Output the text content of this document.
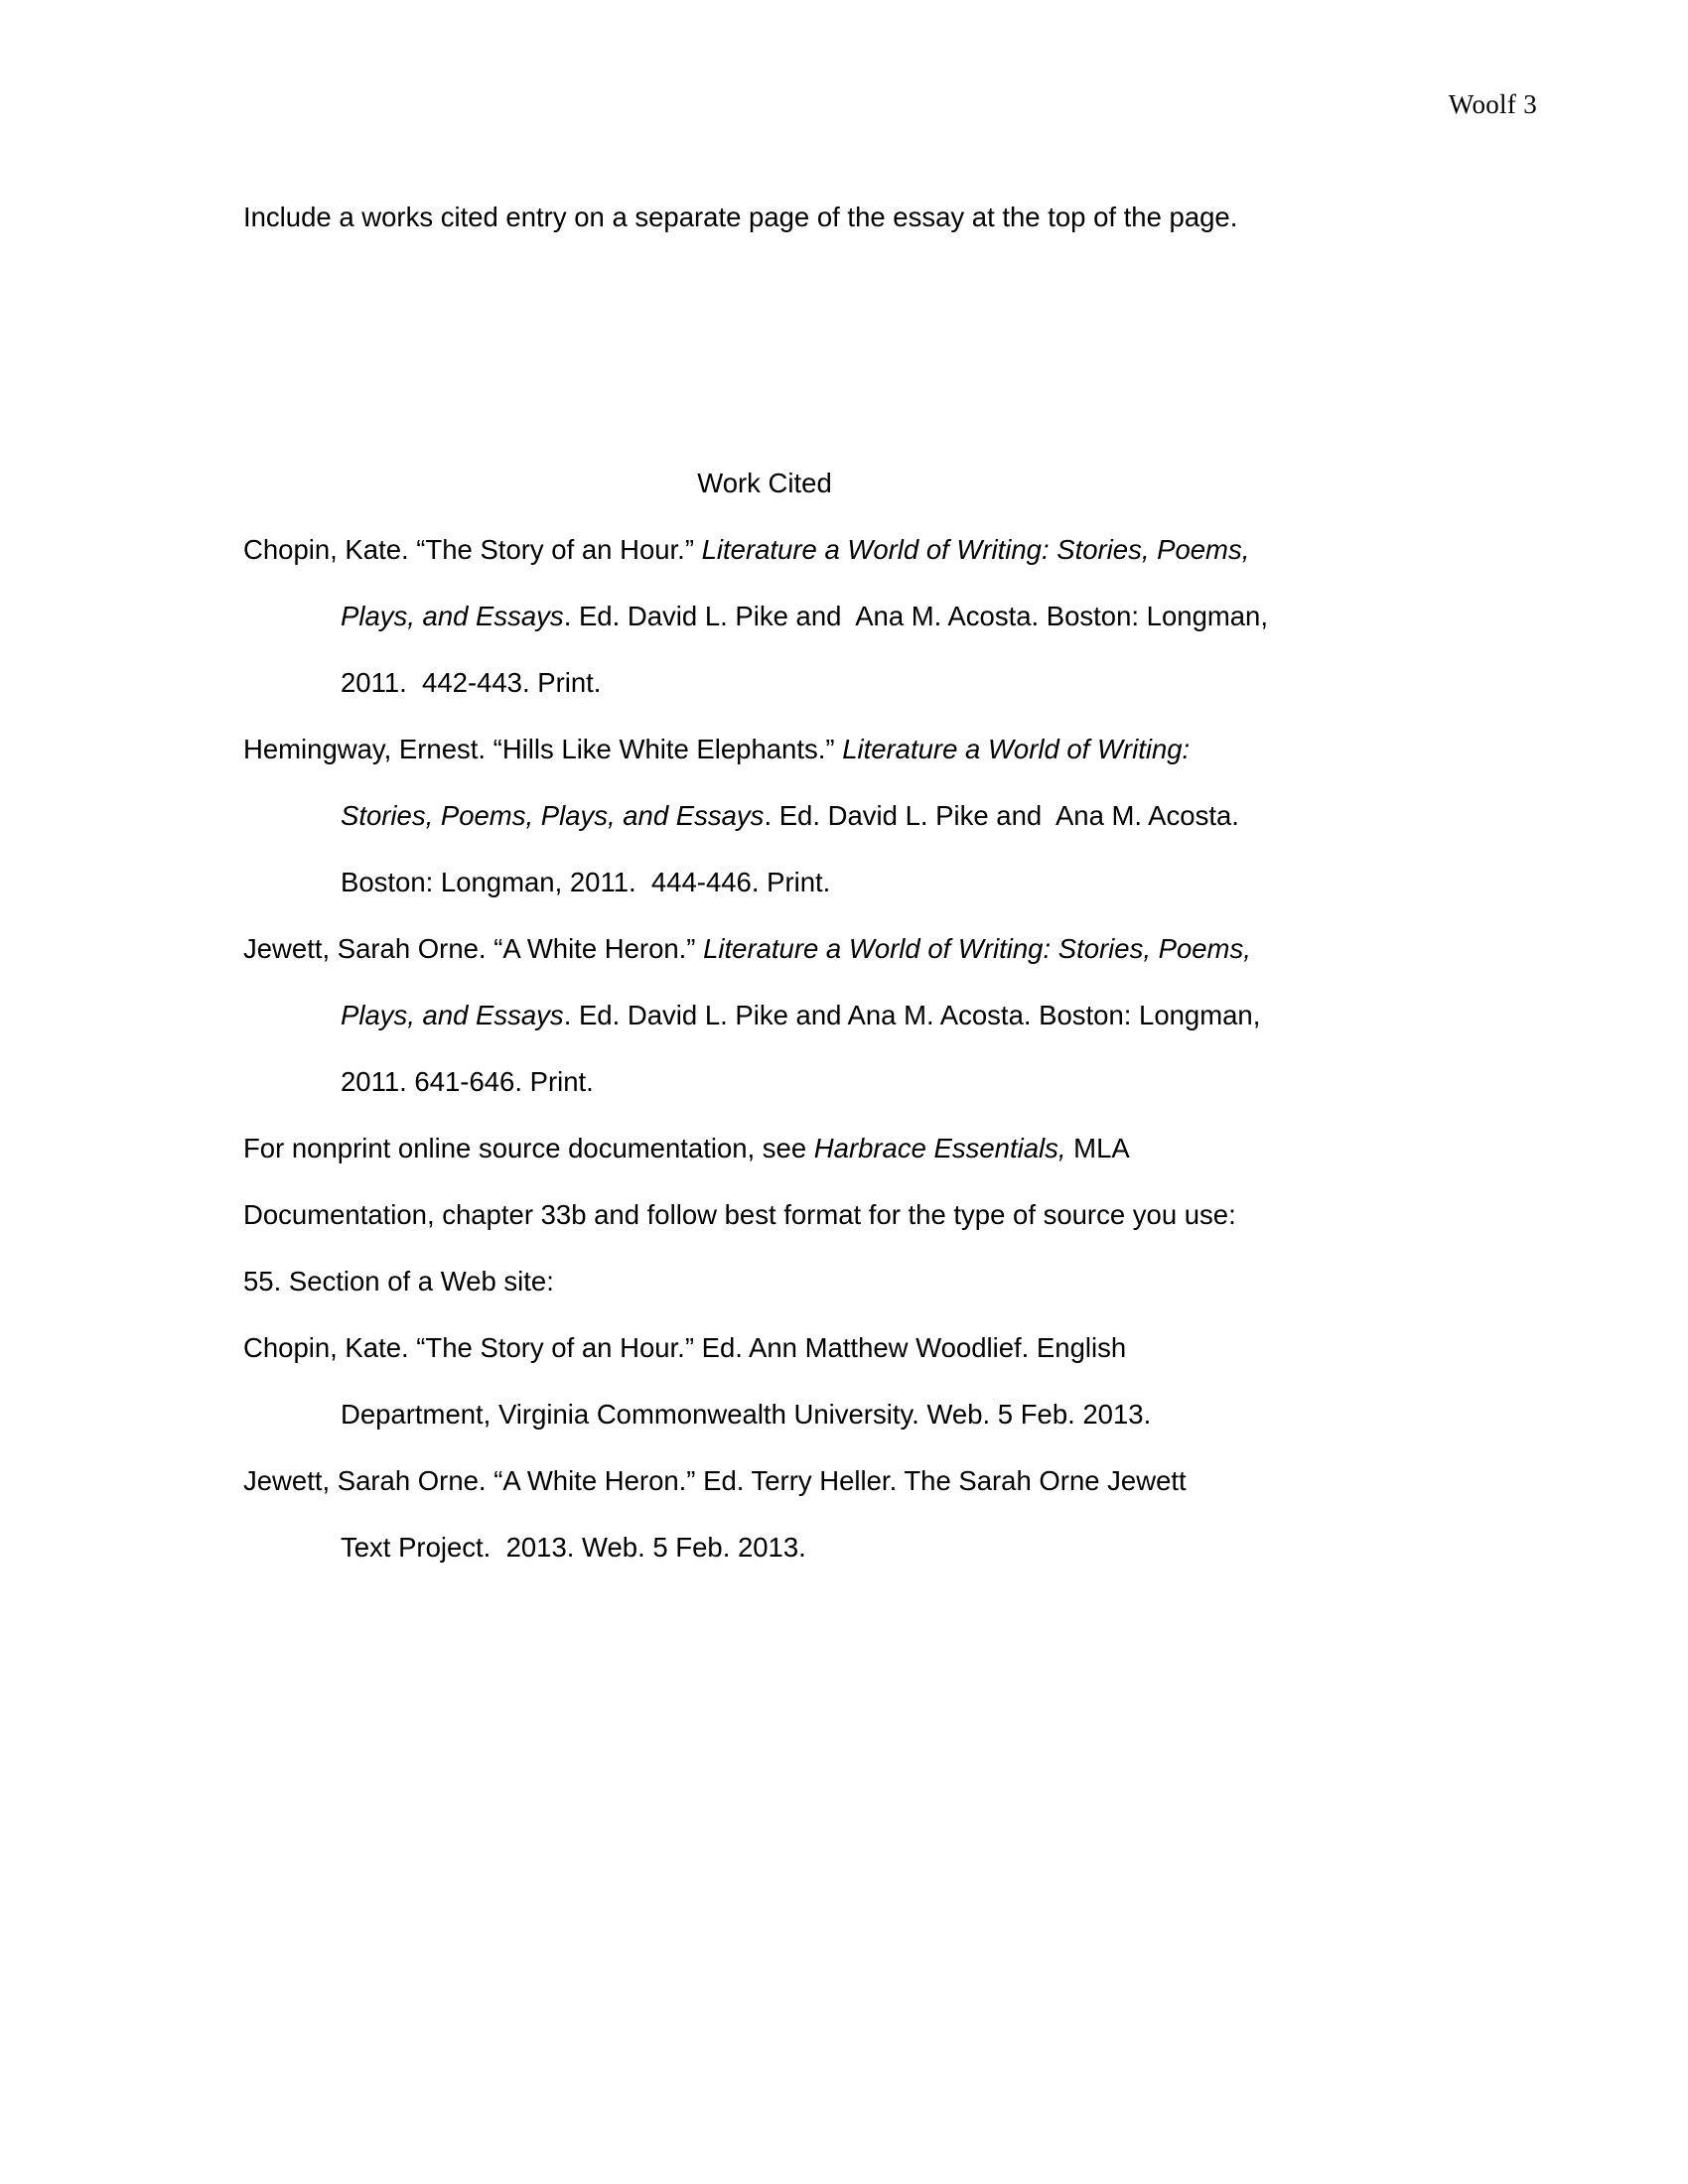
Woolf 3
Include a works cited entry on a separate page of the essay at the top of the page.
Work Cited
Chopin, Kate. “The Story of an Hour.” Literature a World of Writing: Stories, Poems,
Plays, and Essays. Ed. David L. Pike and  Ana M. Acosta. Boston: Longman,
2011.  442-443. Print.
Hemingway, Ernest. “Hills Like White Elephants.” Literature a World of Writing:
Stories, Poems, Plays, and Essays. Ed. David L. Pike and  Ana M. Acosta.
Boston: Longman, 2011.  444-446. Print.
Jewett, Sarah Orne. “A White Heron.” Literature a World of Writing: Stories, Poems,
Plays, and Essays. Ed. David L. Pike and Ana M. Acosta. Boston: Longman,
2011. 641-646. Print.
For nonprint online source documentation, see Harbrace Essentials, MLA
Documentation, chapter 33b and follow best format for the type of source you use:
55. Section of a Web site:
Chopin, Kate. “The Story of an Hour.” Ed. Ann Matthew Woodlief. English
Department, Virginia Commonwealth University. Web. 5 Feb. 2013.
Jewett, Sarah Orne. “A White Heron.” Ed. Terry Heller. The Sarah Orne Jewett
Text Project.  2013. Web. 5 Feb. 2013.
